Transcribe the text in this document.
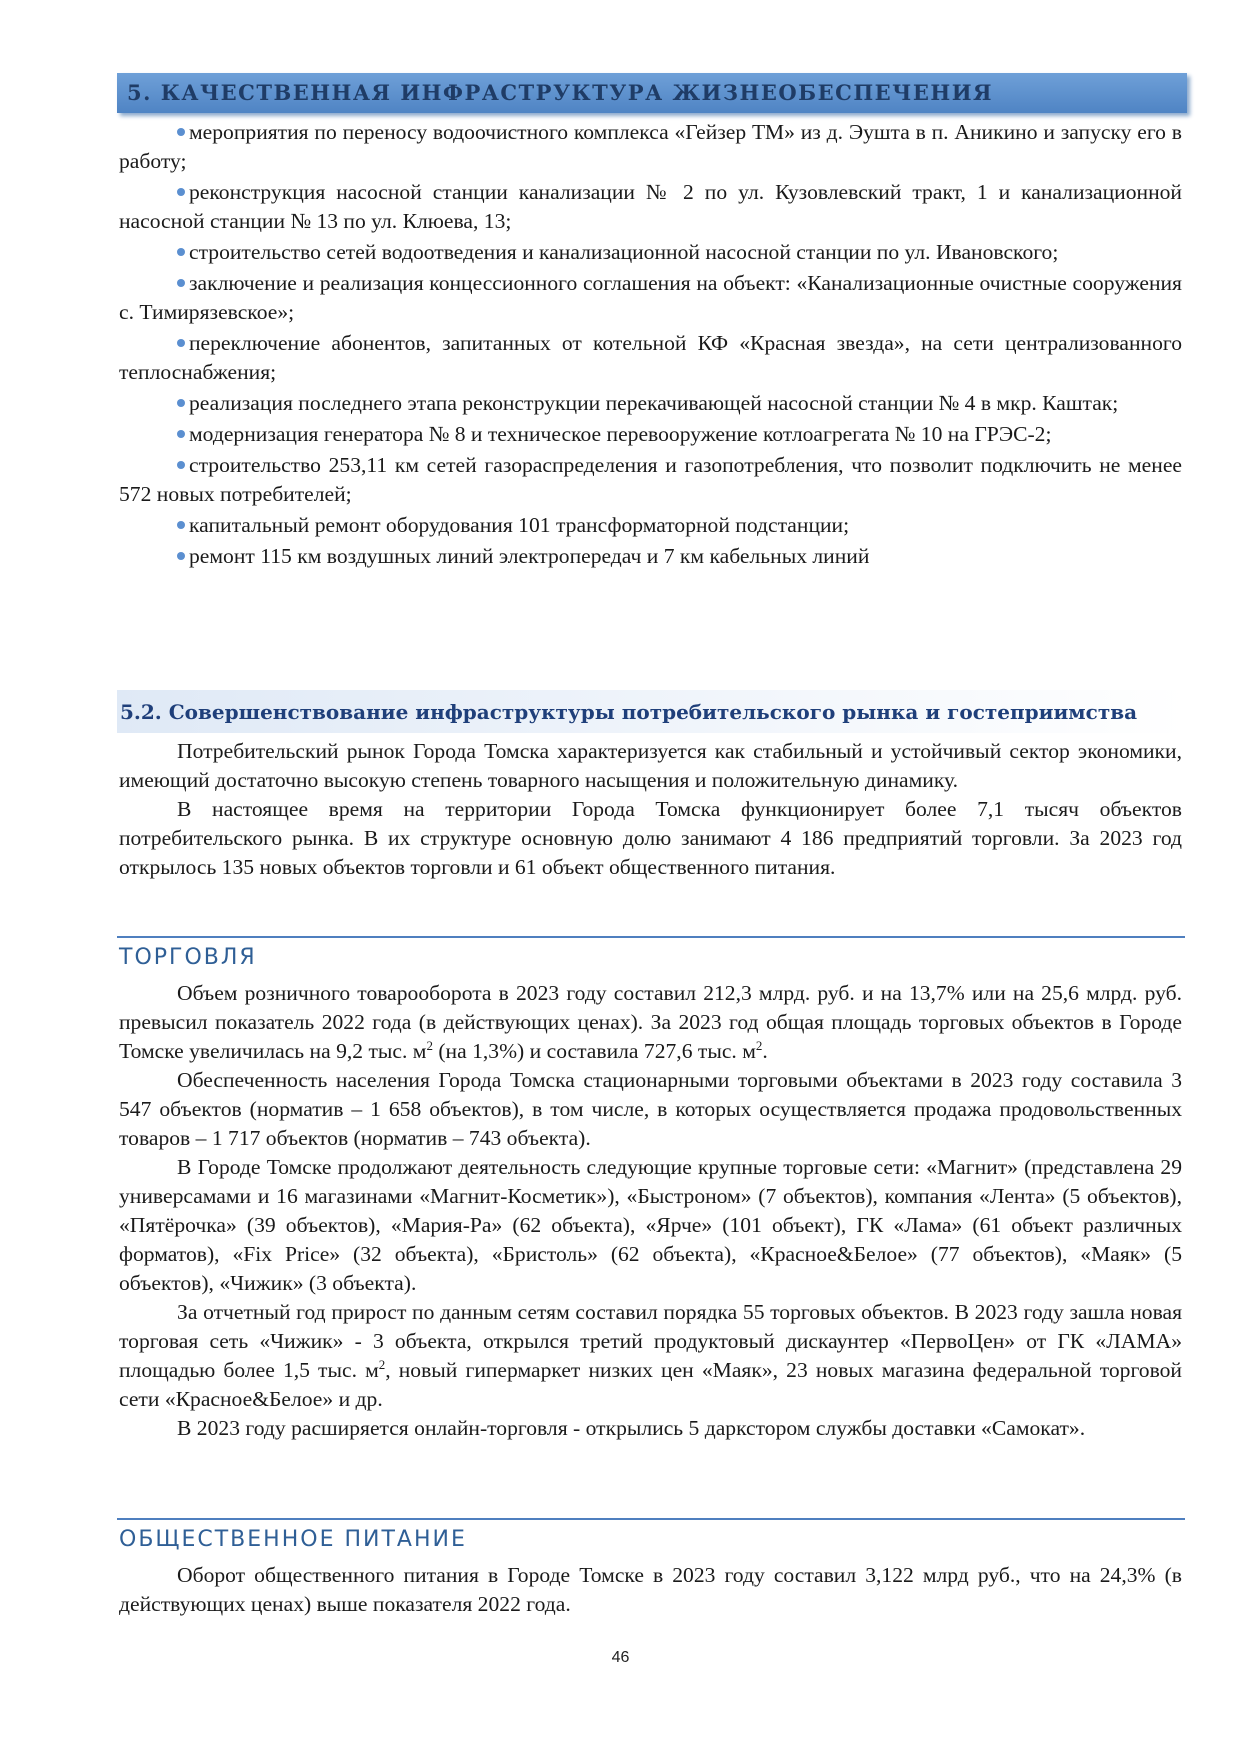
5. КАЧЕСТВЕННАЯ ИНФРАСТРУКТУРА ЖИЗНЕОБЕСПЕЧЕНИЯ

мероприятия по переносу водоочистного комплекса «Гейзер ТМ» из д. Эушта в п. Аникино и запуску его в работу;

реконструкция насосной станции канализации № 2 по ул. Кузовлевский тракт, 1 и канализационной насосной станции № 13 по ул. Клюева, 13;

строительство сетей водоотведения и канализационной насосной станции по ул. Ивановского;

заключение и реализация концессионного соглашения на объект: «Канализационные очистные сооружения с. Тимирязевское»;

переключение абонентов, запитанных от котельной КФ «Красная звезда», на сети централизованного теплоснабжения;

реализация последнего этапа реконструкции перекачивающей насосной станции № 4 в мкр. Каштак;

модернизация генератора № 8 и техническое перевооружение котлоагрегата № 10 на ГРЭС-2;

строительство 253,11 км сетей газораспределения и газопотребления, что позволит подключить не менее 572 новых потребителей;

капитальный ремонт оборудования 101 трансформаторной подстанции;

ремонт 115 км воздушных линий электропередач и 7 км кабельных линий

5.2. Совершенствование инфраструктуры потребительского рынка и гостеприимства

Потребительский рынок Города Томска характеризуется как стабильный и устойчивый сектор экономики, имеющий достаточно высокую степень товарного насыщения и положительную динамику.

В настоящее время на территории Города Томска функционирует более 7,1 тысяч объектов потребительского рынка. В их структуре основную долю занимают 4 186 предприятий торговли. За 2023 год открылось 135 новых объектов торговли и 61 объект общественного питания.

ТОРГОВЛЯ

Объем розничного товарооборота в 2023 году составил 212,3 млрд. руб. и на 13,7% или на 25,6 млрд. руб. превысил показатель 2022 года (в действующих ценах). За 2023 год общая площадь торговых объектов в Городе Томске увеличилась на 9,2 тыс. $м^2$ (на 1,3%) и составила 727,6 тыс. $м^2$.

Обеспеченность населения Города Томска стационарными торговыми объектами в 2023 году составила 3 547 объектов (норматив – 1 658 объектов), в том числе, в которых осуществляется продажа продовольственных товаров – 1 717 объектов (норматив – 743 объекта).

В Городе Томске продолжают деятельность следующие крупные торговые сети: «Магнит» (представлена 29 универсамами и 16 магазинами «Магнит-Косметик»), «Быстроном» (7 объектов), компания «Лента» (5 объектов), «Пятёрочка» (39 объектов), «Мария-Ра» (62 объекта), «Ярче» (101 объект), ГК «Лама» (61 объект различных форматов), «Fix Price» (32 объекта), «Бристоль» (62 объекта), «Красное&Белое» (77 объектов), «Маяк» (5 объектов), «Чижик» (3 объекта).

За отчетный год прирост по данным сетям составил порядка 55 торговых объектов. В 2023 году зашла новая торговая сеть «Чижик» - 3 объекта, открылся третий продуктовый дискаунтер «ПервоЦен» от ГК «ЛАМА» площадью более 1,5 тыс. $м^2$, новый гипермаркет низких цен «Маяк», 23 новых магазина федеральной торговой сети «Красное&Белое» и др.

В 2023 году расширяется онлайн-торговля - открылись 5 даркстором службы доставки «Самокат».

ОБЩЕСТВЕННОЕ ПИТАНИЕ

Оборот общественного питания в Городе Томске в 2023 году составил 3,122 млрд руб., что на 24,3% (в действующих ценах) выше показателя 2022 года.

46
